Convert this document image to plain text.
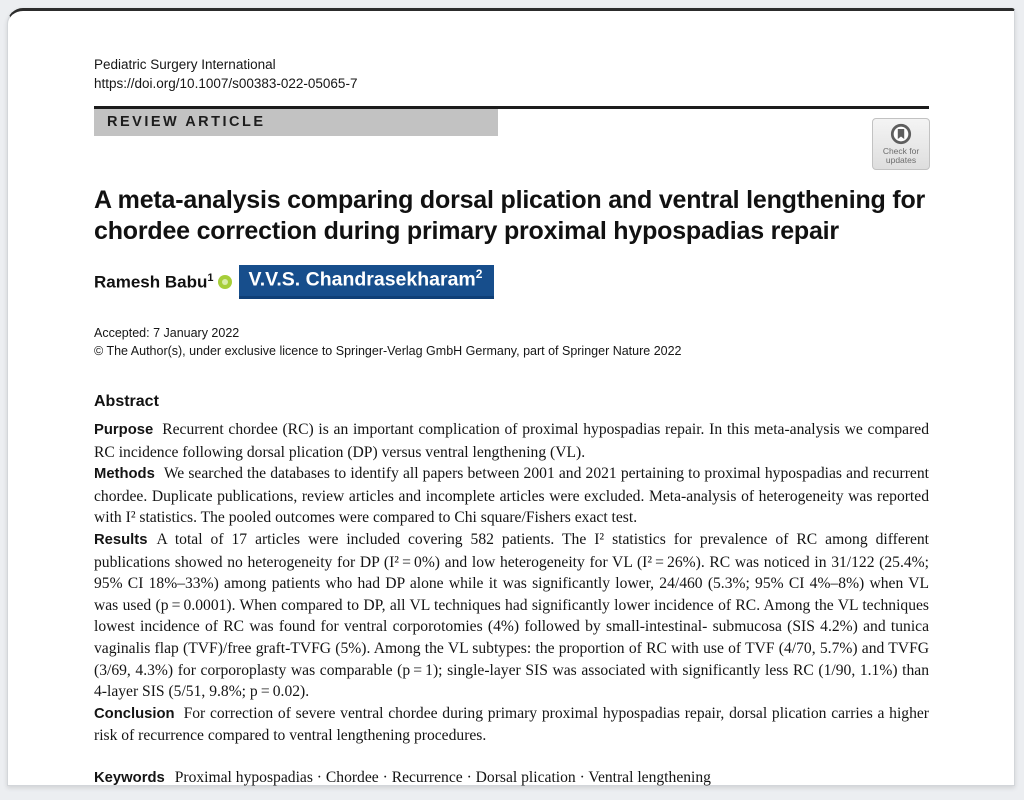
Pediatric Surgery International
https://doi.org/10.1007/s00383-022-05065-7
REVIEW ARTICLE
Check for
updates
A meta-analysis comparing dorsal plication and ventral lengthening for chordee correction during primary proximal hypospadias repair
Ramesh Babu$^1$	V.V.S. Chandrasekharam$^2$
Accepted: 7 January 2022
© The Author(s), under exclusive licence to Springer-Verlag GmbH Germany, part of Springer Nature 2022
Abstract

Purpose Recurrent chordee (RC) is an important complication of proximal hypospadias repair. In this meta-analysis we compared RC incidence following dorsal plication (DP) versus ventral lengthening (VL).

Methods We searched the databases to identify all papers between 2001 and 2021 pertaining to proximal hypospadias and recurrent chordee. Duplicate publications, review articles and incomplete articles were excluded. Meta-analysis of heterogeneity was reported with I² statistics. The pooled outcomes were compared to Chi square/Fishers exact test.

Results A total of 17 articles were included covering 582 patients. The I² statistics for prevalence of RC among different publications showed no heterogeneity for DP (I² = 0%) and low heterogeneity for VL (I² = 26%). RC was noticed in 31/122 (25.4%; 95% CI 18%–33%) among patients who had DP alone while it was significantly lower, 24/460 (5.3%; 95% CI 4%–8%) when VL was used (p = 0.0001). When compared to DP, all VL techniques had significantly lower incidence of RC. Among the VL techniques lowest incidence of RC was found for ventral corporotomies (4%) followed by small-intestinal- submucosa (SIS 4.2%) and tunica vaginalis flap (TVF)/free graft-TVFG (5%). Among the VL subtypes: the proportion of RC with use of TVF (4/70, 5.7%) and TVFG (3/69, 4.3%) for corporoplasty was comparable (p = 1); single-layer SIS was associated with significantly less RC (1/90, 1.1%) than 4-layer SIS (5/51, 9.8%; p = 0.02).

Conclusion For correction of severe ventral chordee during primary proximal hypospadias repair, dorsal plication carries a higher risk of recurrence compared to ventral lengthening procedures.

Keywords Proximal hypospadias · Chordee · Recurrence · Dorsal plication · Ventral lengthening
